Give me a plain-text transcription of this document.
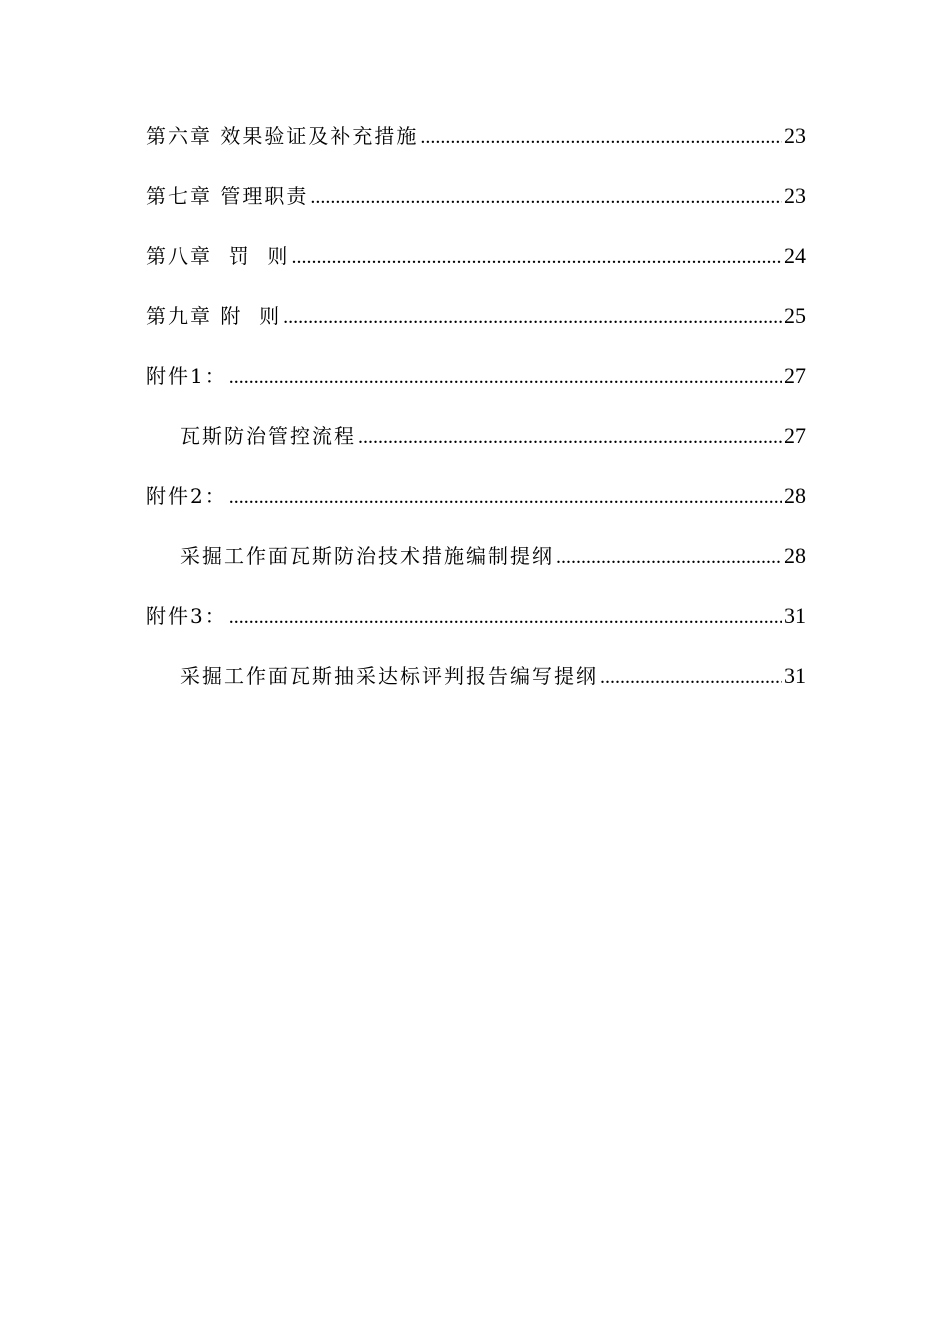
第六章 效果验证及补充措施 .....	23
第七章 管理职责 .....	23
第八章  罚  则 .....	24
第九章 附  则 .....	25
附件1： .....	27
瓦斯防治管控流程 .....	27
附件2： .....	28
采掘工作面瓦斯防治技术措施编制提纲 .....	28
附件3： .....	31
采掘工作面瓦斯抽采达标评判报告编写提纲 .....	31
